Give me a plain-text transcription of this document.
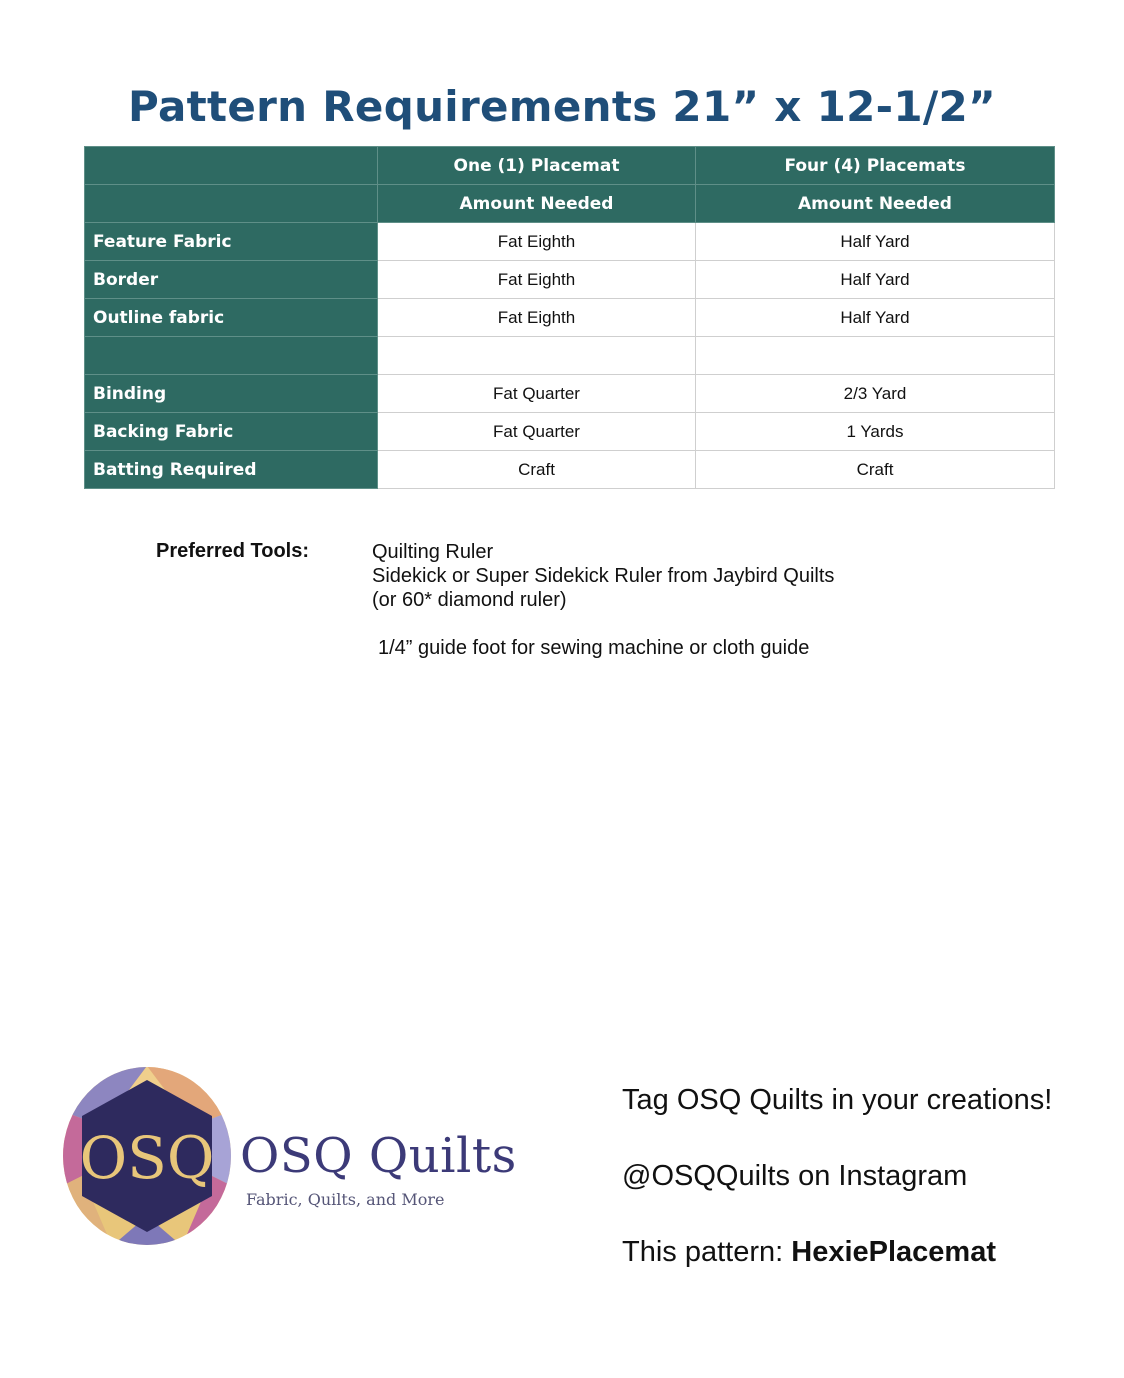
Pattern Requirements 21” x 12-1/2”
	One (1) Placemat	Four (4) Placemats
	Amount Needed	Amount Needed
Feature Fabric	Fat Eighth	Half Yard
Border	Fat Eighth	Half Yard
Outline fabric	Fat Eighth	Half Yard

Binding	Fat Quarter	2/3 Yard
Backing Fabric	Fat Quarter	1 Yards
Batting Required	Craft	Craft
Preferred Tools:	Quilting Ruler
Sidekick or Super Sidekick Ruler from Jaybird Quilts
(or 60* diamond ruler)
1/4” guide foot for sewing machine or cloth guide
OSQ OSQ Quilts
Fabric, Quilts, and More
Tag OSQ Quilts in your creations!
@OSQQuilts on Instagram
This pattern: HexiePlacemat
